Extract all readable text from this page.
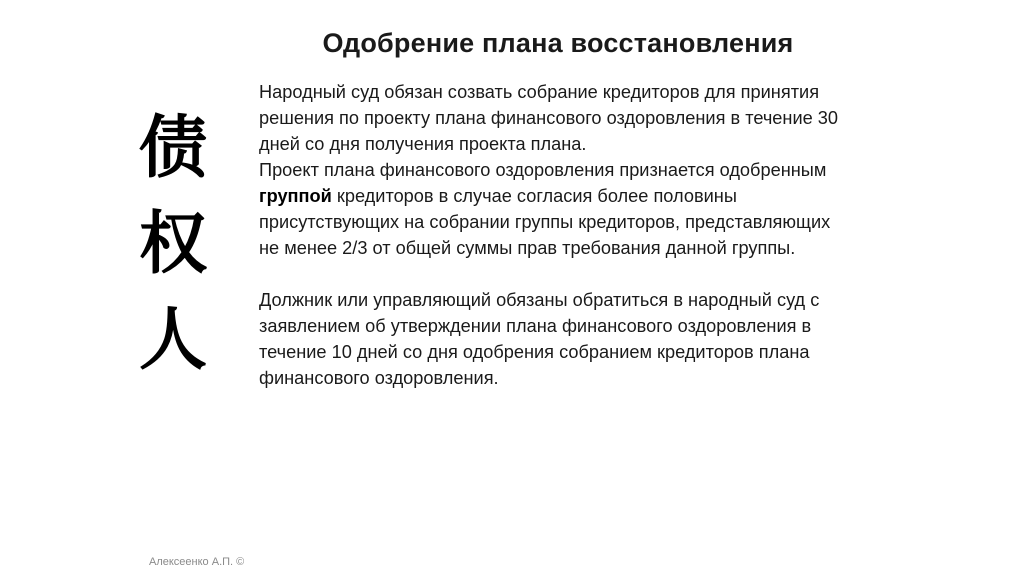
Одобрение плана восстановления
债
权
人

Народный суд обязан созвать собрание кредиторов для принятия решения по проекту плана финансового оздоровления в течение 30 дней со дня получения проекта плана.

Проект плана финансового оздоровления признается одобренным группой кредиторов в случае согласия более половины присутствующих на собрании группы кредиторов, представляющих не менее 2/3 от общей суммы прав требования данной группы.

Должник или управляющий обязаны обратиться в народный суд с заявлением об утверждении плана финансового оздоровления в течение 10 дней со дня одобрения собранием кредиторов плана финансового оздоровления.

Алексеенко А.П. ©
